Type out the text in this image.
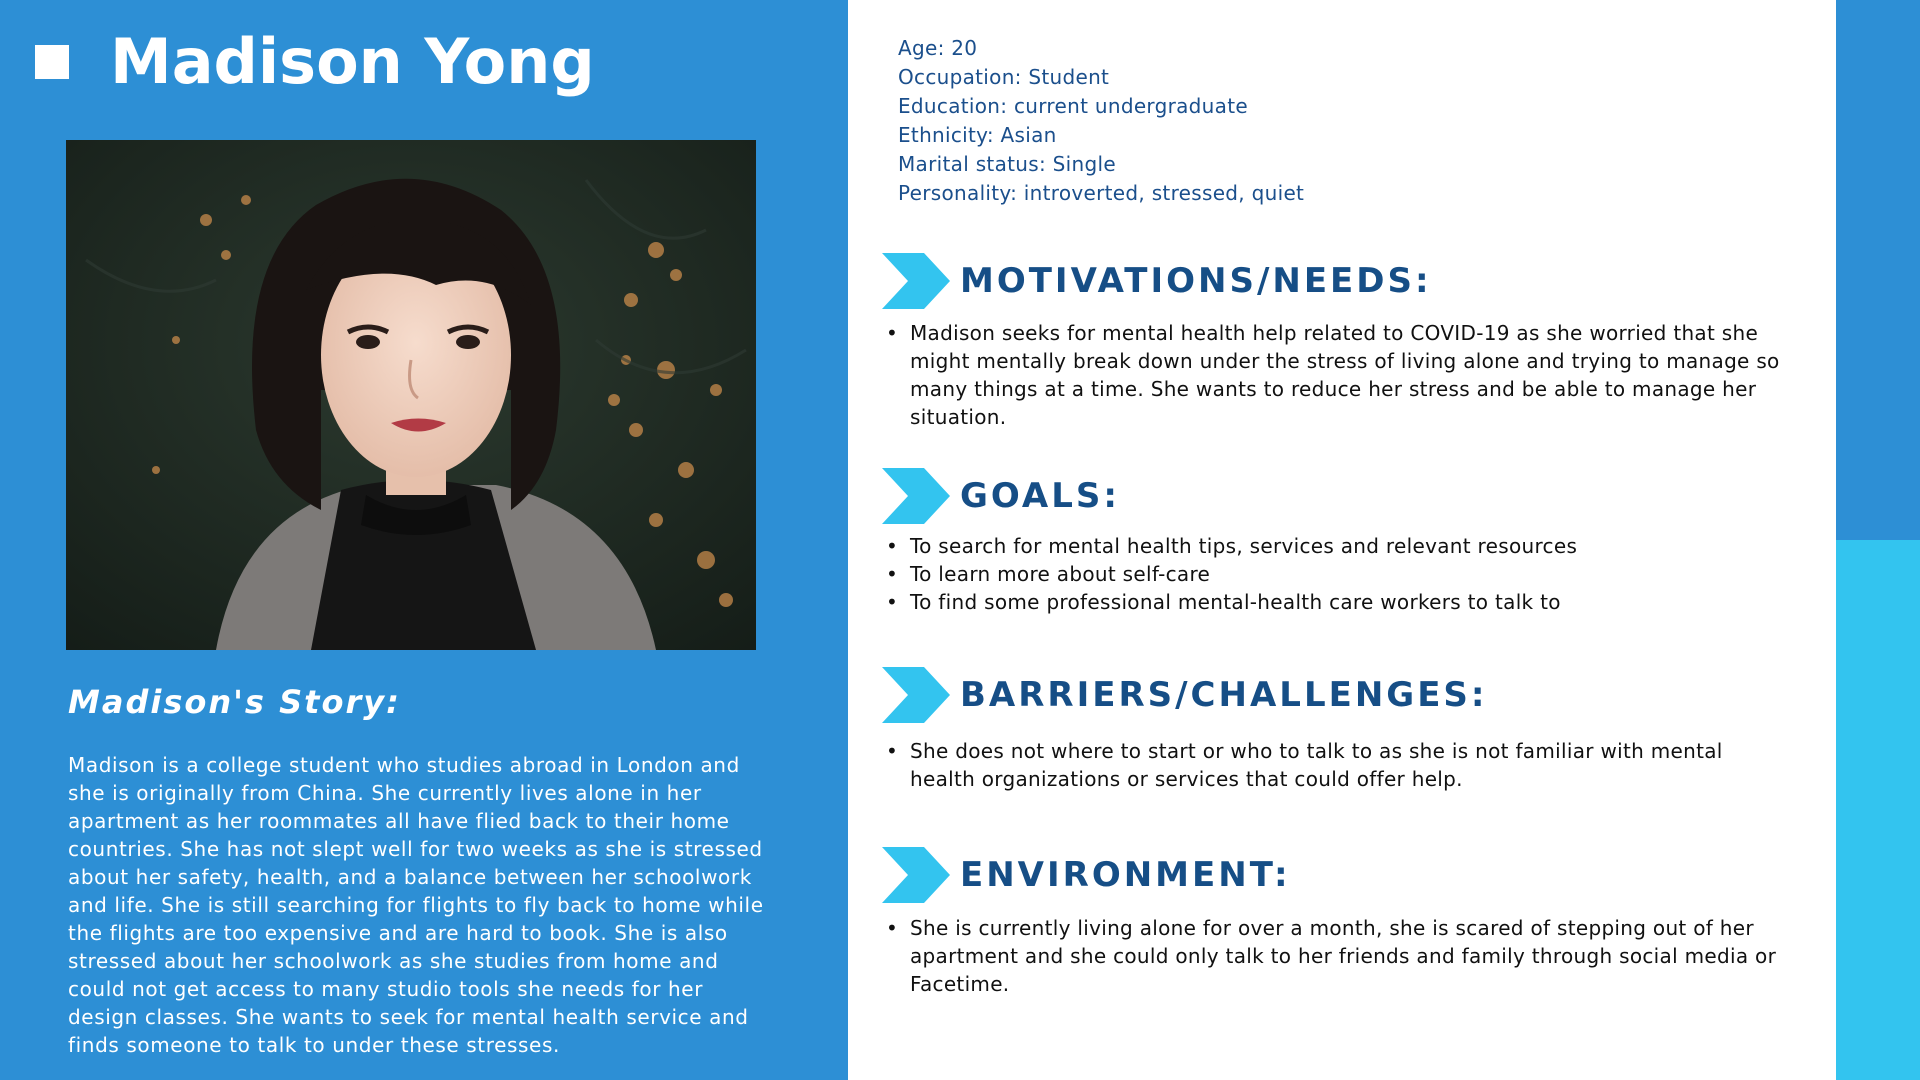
Madison Yong
Madison's Story:

Madison is a college student who studies abroad in London and she is originally from China. She currently lives alone in her apartment as her roommates all have flied back to their home countries. She has not slept well for two weeks as she is stressed about her safety, health, and a balance between her schoolwork and life. She is still searching for flights to fly back to home while the flights are too expensive and are hard to book. She is also stressed about her schoolwork as she studies from home and could not get access to many studio tools she needs for her design classes. She wants to seek for mental health service and finds someone to talk to under these stresses.

Age: 20
Occupation: Student
Education: current undergraduate
Ethnicity: Asian
Marital status: Single
Personality: introverted, stressed, quiet
MOTIVATIONS/NEEDS:
• Madison seeks for mental health help related to COVID-19 as she worried that she might mentally break down under the stress of living alone and trying to manage so many things at a time. She wants to reduce her stress and be able to manage her situation.
GOALS:
• To search for mental health tips, services and relevant resources
• To learn more about self-care
• To find some professional mental-health care workers to talk to
BARRIERS/CHALLENGES:
• She does not where to start or who to talk to as she is not familiar with mental health organizations or services that could offer help.
ENVIRONMENT:
• She is currently living alone for over a month, she is scared of stepping out of her apartment and she could only talk to her friends and family through social media or Facetime.
